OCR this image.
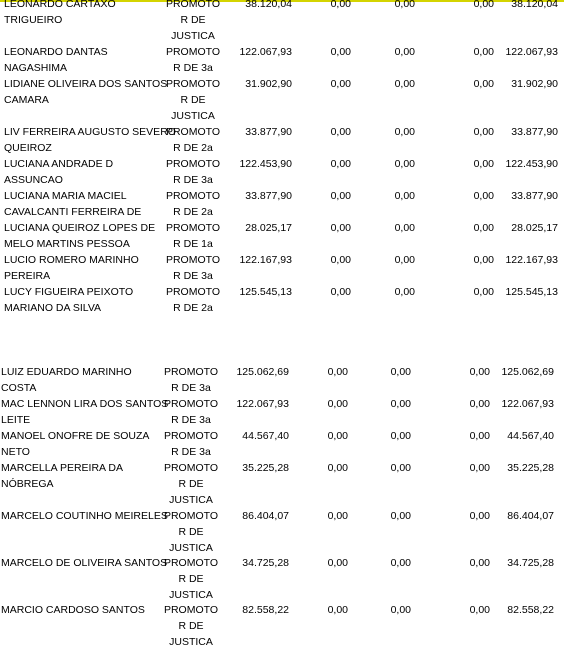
LEONARDO CARTAXO
TRIGUEIRO
PROMOTO
R DE
JUSTICA
38.120,04	0,00	0,00	0,00 38.120,04
LEONARDO DANTAS
NAGASHIMA
PROMOTO
R DE 3a
122.067,93	0,00	0,00	0,00 122.067,93
LIDIANE OLIVEIRA DOS SANTOS
CAMARA
PROMOTO
R DE
JUSTICA
31.902,90	0,00	0,00	0,00 31.902,90
LIV FERREIRA AUGUSTO SEVERO
QUEIROZ
PROMOTO
R DE 2a
33.877,90	0,00	0,00	0,00 33.877,90
LUCIANA ANDRADE D
ASSUNCAO
PROMOTO
R DE 3a
122.453,90	0,00	0,00	0,00 122.453,90
LUCIANA MARIA MACIEL
CAVALCANTI FERREIRA DE
PROMOTO
R DE 2a
33.877,90	0,00	0,00	0,00 33.877,90
LUCIANA QUEIROZ LOPES DE
MELO MARTINS PESSOA
PROMOTO
R DE 1a
28.025,17	0,00	0,00	0,00 28.025,17
LUCIO ROMERO MARINHO
PEREIRA
PROMOTO
R DE 3a
122.167,93	0,00	0,00	0,00 122.167,93
LUCY FIGUEIRA PEIXOTO
MARIANO DA SILVA
PROMOTO
R DE 2a
125.545,13	0,00	0,00	0,00 125.545,13
LUIZ EDUARDO MARINHO
COSTA
PROMOTO
R DE 3a
125.062,69	0,00	0,00	0,00 125.062,69
MAC LENNON LIRA DOS SANTOS
LEITE
PROMOTO
R DE 3a
122.067,93	0,00	0,00	0,00 122.067,93
MANOEL ONOFRE DE SOUZA
NETO
PROMOTO
R DE 3a
44.567,40	0,00	0,00	0,00 44.567,40
MARCELLA PEREIRA DA
NÓBREGA
PROMOTO
R DE
JUSTICA
35.225,28	0,00	0,00	0,00 35.225,28
MARCELO COUTINHO MEIRELES
PROMOTO
R DE
JUSTICA
86.404,07	0,00	0,00	0,00 86.404,07
MARCELO DE OLIVEIRA SANTOS
PROMOTO
R DE
JUSTICA
34.725,28	0,00	0,00	0,00 34.725,28
MARCIO CARDOSO SANTOS PROMOTO
R DE
JUSTICA
82.558,22	0,00	0,00	0,00 82.558,22
